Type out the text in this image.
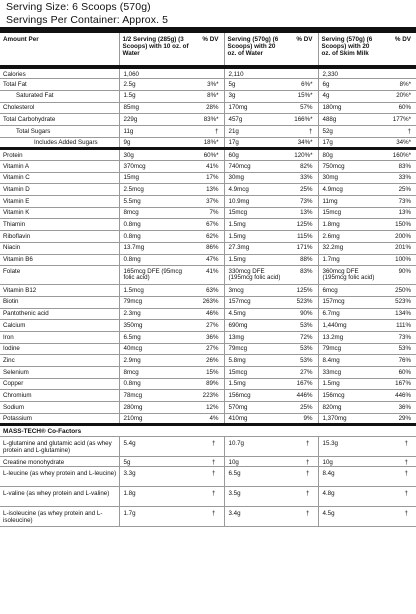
Serving Size: 6 Scoops (570g)
Servings Per Container: Approx. 5
Amount Per	1/2 Serving (285g) (3 Scoops) with 10 oz. of Water	% DV	Serving (570g) (6 Scoops) with 20 oz. of Water	% DV	Serving (570g) (6 Scoops) with 20 oz. of Skim Milk	% DV
Calories	1,060		2,110		2,330	
Total Fat	2.5g	3%*	5g	6%*	6g	8%*
Saturated Fat	1.5g	8%*	3g	15%*	4g	20%*
Cholesterol	85mg	28%	170mg	57%	180mg	60%
Total Carbohydrate	229g	83%*	457g	166%*	488g	177%*
Total Sugars	11g	†	21g	†	52g	†
Includes Added Sugars	9g	18%*	17g	34%*	17g	34%*
Protein	30g	60%*	60g	120%*	80g	160%*
Vitamin A	370mcg	41%	740mcg	82%	750mcg	83%
Vitamin C	15mg	17%	30mg	33%	30mg	33%
Vitamin D	2.5mcg	13%	4.9mcg	25%	4.9mcg	25%
Vitamin E	5.5mg	37%	10.9mg	73%	11mg	73%
Vitamin K	8mcg	7%	15mcg	13%	15mcg	13%
Thiamin	0.8mg	67%	1.5mg	125%	1.8mg	150%
Riboflavin	0.8mg	62%	1.5mg	115%	2.6mg	200%
Niacin	13.7mg	86%	27.3mg	171%	32.2mg	201%
Vitamin B6	0.8mg	47%	1.5mg	88%	1.7mg	100%
Folate	165mcg DFE (95mcg folic acid)	41%	330mcg DFE (195mcg folic acid)	83%	360mcg DFE (195mcg folic acid)	90%
Vitamin B12	1.5mcg	63%	3mcg	125%	6mcg	250%
Biotin	79mcg	263%	157mcg	523%	157mcg	523%
Pantothenic acid	2.3mg	46%	4.5mg	90%	6.7mg	134%
Calcium	350mg	27%	690mg	53%	1,440mg	111%
Iron	6.5mg	36%	13mg	72%	13.2mg	73%
Iodine	40mcg	27%	79mcg	53%	79mcg	53%
Zinc	2.9mg	26%	5.8mg	53%	8.4mg	76%
Selenium	8mcg	15%	15mcg	27%	33mcg	60%
Copper	0.8mg	89%	1.5mg	167%	1.5mg	167%
Chromium	78mcg	223%	156mcg	446%	156mcg	446%
Sodium	280mg	12%	570mg	25%	820mg	36%
Potassium	210mg	4%	410mg	9%	1,370mg	29%
MASS-TECH® Co-Factors						
L-glutamine and glutamic acid (as whey protein and L-glutamine)	5.4g	†	10.7g	†	15.3g	†
Creatine monohydrate	5g	†	10g	†	10g	†
L-leucine (as whey protein and L-leucine)	3.3g	†	6.5g	†	8.4g	†
L-valine (as whey protein and L-valine)	1.8g	†	3.5g	†	4.8g	†
L-isoleucine (as whey protein and L-isoleucine)	1.7g	†	3.4g	†	4.5g	†
